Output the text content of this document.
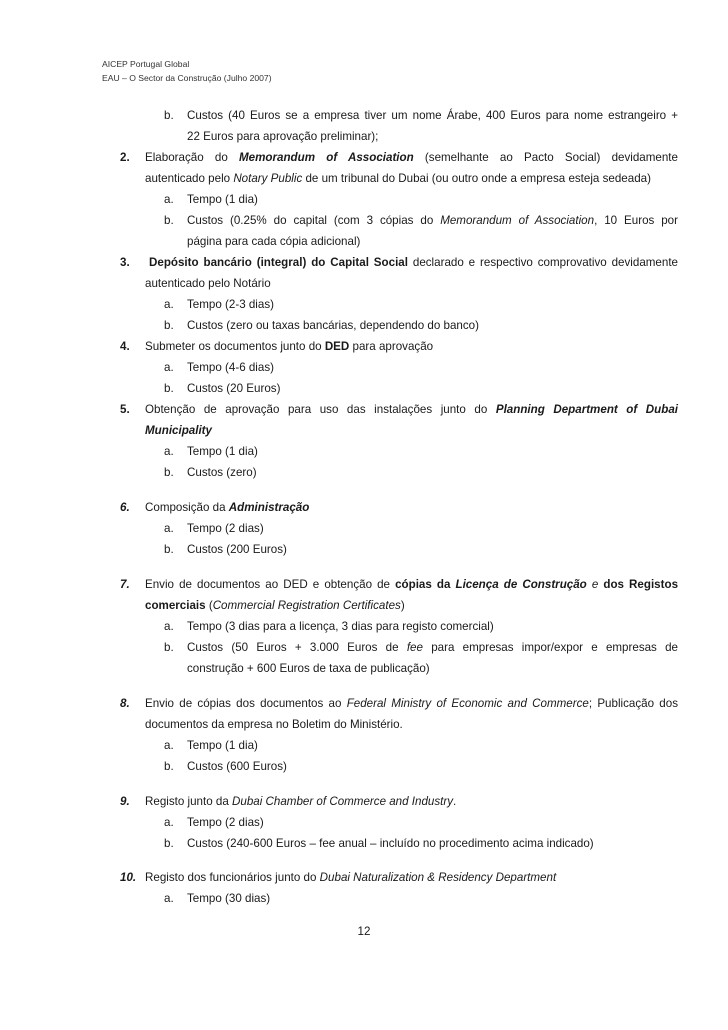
AICEP Portugal Global
EAU – O Sector da Construção (Julho 2007)
b.	Custos (40 Euros se a empresa tiver um nome Árabe, 400 Euros para nome estrangeiro +
22 Euros para aprovação preliminar);
2.	Elaboração do Memorandum of Association (semelhante ao Pacto Social) devidamente
autenticado pelo Notary Public de um tribunal do Dubai (ou outro onde a empresa esteja sedeada)
a.	Tempo (1 dia)
b.	Custos (0.25% do capital (com 3 cópias do Memorandum of Association, 10 Euros por
página para cada cópia adicional)
3.	Depósito bancário (integral) do Capital Social declarado e respectivo comprovativo devidamente
autenticado pelo Notário
a.	Tempo (2-3 dias)
b.	Custos (zero ou taxas bancárias, dependendo do banco)
4.	Submeter os documentos junto do DED para aprovação
a.	Tempo (4-6 dias)
b.	Custos (20 Euros)
5.	Obtenção de aprovação para uso das instalações junto do Planning Department of Dubai
Municipality
a.	Tempo (1 dia)
b.	Custos (zero)
6.	Composição da Administração
a.	Tempo (2 dias)
b.	Custos (200 Euros)
7.	Envio de documentos ao DED e obtenção de cópias da Licença de Construção e dos Registos
comerciais (Commercial Registration Certificates)
a.	Tempo (3 dias para a licença, 3 dias para registo comercial)
b.	Custos (50 Euros + 3.000 Euros de fee para empresas impor/expor e empresas de
construção + 600 Euros de taxa de publicação)
8.	Envio de cópias dos documentos ao Federal Ministry of Economic and Commerce; Publicação dos
documentos da empresa no Boletim do Ministério.
a.	Tempo (1 dia)
b.	Custos (600 Euros)
9.	Registo junto da Dubai Chamber of Commerce and Industry.
a.	Tempo (2 dias)
b.	Custos (240-600 Euros – fee anual – incluído no procedimento acima indicado)
10. Registo dos funcionários junto do Dubai Naturalization & Residency Department
a.	Tempo (30 dias)
12
